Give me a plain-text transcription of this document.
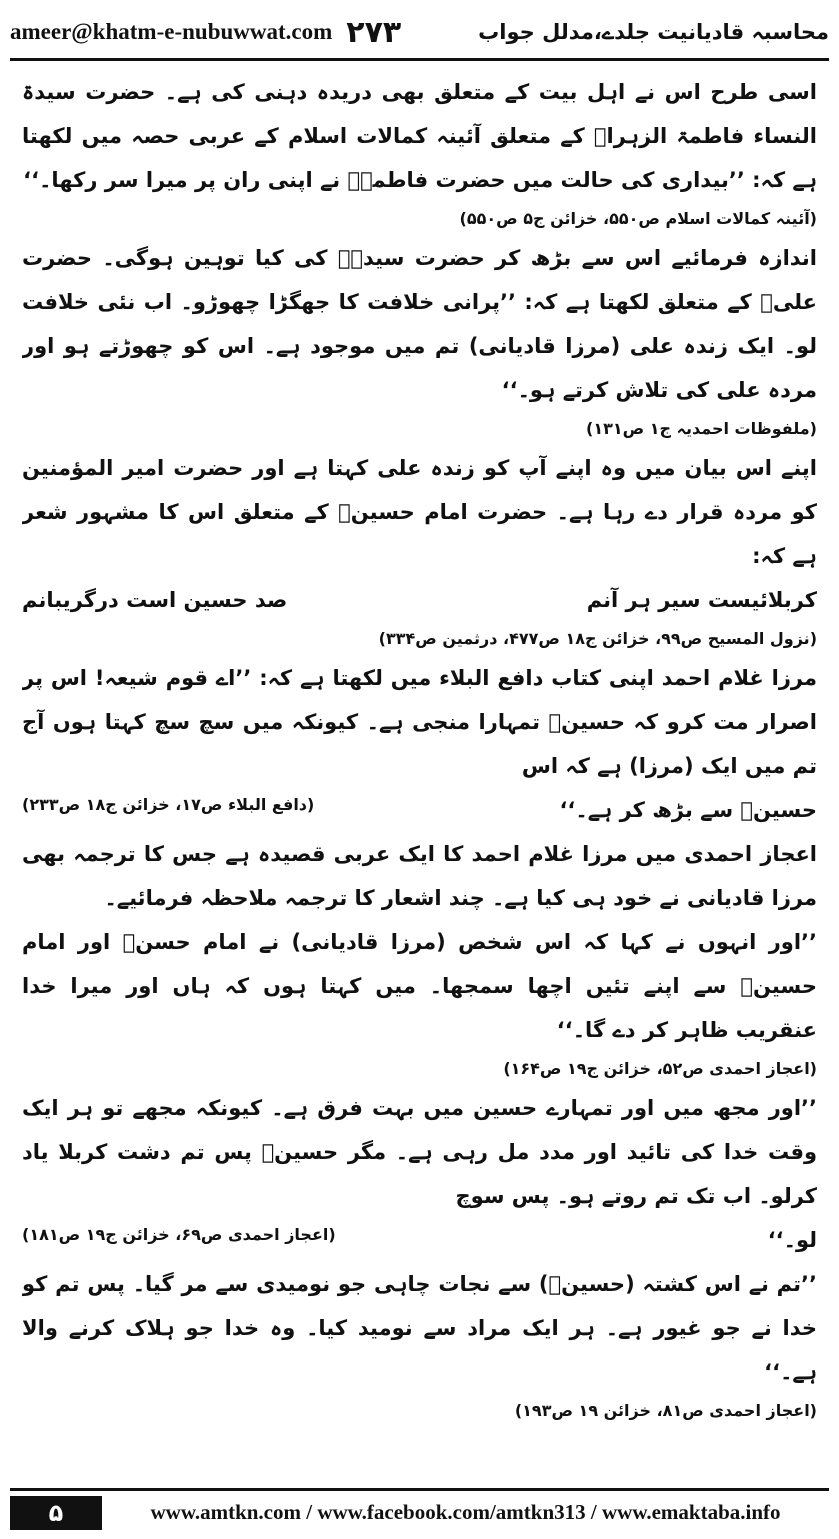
ameer@khatm-e-nubuwwat.com ۲۷۳	محاسبہ قادیانیت جلدے،مدلل جواب

اسی طرح اس نے اہل بیت کے متعلق بھی دریدہ دہنی کی ہے۔ حضرت سیدۃ النساء فاطمۃ الزہراؓ کے متعلق آئینہ کمالات اسلام کے عربی حصہ میں لکھتا ہے کہ: ’’بیداری کی حالت میں حضرت فاطمہؓ نے اپنی ران پر میرا سر رکھا۔‘‘

(آئینہ کمالات اسلام ص۵۵۰، خزائن ج۵ ص۵۵۰)

اندازہ فرمائیے اس سے بڑھ کر حضرت سیدۃؓ کی کیا توہین ہوگی۔ حضرت علیؓ کے متعلق لکھتا ہے کہ: ’’پرانی خلافت کا جھگڑا چھوڑو۔ اب نئی خلافت لو۔ ایک زندہ علی (مرزا قادیانی) تم میں موجود ہے۔ اس کو چھوڑتے ہو اور مردہ علی کی تلاش کرتے ہو۔‘‘

(ملفوظات احمدیہ ج۱ ص۱۳۱)

اپنے اس بیان میں وہ اپنے آپ کو زندہ علی کہتا ہے اور حضرت امیر المؤمنین کو مردہ قرار دے رہا ہے۔ حضرت امام حسینؓ کے متعلق اس کا مشہور شعر ہے کہ:

کربلائیست سیر ہر آنم
صد حسین است درگریبانم

(نزول المسیح ص۹۹، خزائن ج۱۸ ص۴۷۷، درثمین ص۳۳۴)

مرزا غلام احمد اپنی کتاب دافع البلاء میں لکھتا ہے کہ: ’’اے قوم شیعہ! اس پر اصرار مت کرو کہ حسینؓ تمہارا منجی ہے۔ کیونکہ میں سچ سچ کہتا ہوں آج تم میں ایک (مرزا) ہے کہ اس

حسینؓ سے بڑھ کر ہے۔‘‘
(دافع البلاء ص۱۷، خزائن ج۱۸ ص۲۳۳)

اعجاز احمدی میں مرزا غلام احمد کا ایک عربی قصیدہ ہے جس کا ترجمہ بھی مرزا قادیانی نے خود ہی کیا ہے۔ چند اشعار کا ترجمہ ملاحظہ فرمائیے۔

’’اور انہوں نے کہا کہ اس شخص (مرزا قادیانی) نے امام حسنؓ اور امام حسینؓ سے اپنے تئیں اچھا سمجھا۔ میں کہتا ہوں کہ ہاں اور میرا خدا عنقریب ظاہر کر دے گا۔‘‘

(اعجاز احمدی ص۵۲، خزائن ج۱۹ ص۱۶۴)

’’اور مجھ میں اور تمہارے حسین میں بہت فرق ہے۔ کیونکہ مجھے تو ہر ایک وقت خدا کی تائید اور مدد مل رہی ہے۔ مگر حسینؓ پس تم دشت کربلا یاد کرلو۔ اب تک تم روتے ہو۔ پس سوچ

لو۔‘‘
(اعجاز احمدی ص۶۹، خزائن ج۱۹ ص۱۸۱)

’’تم نے اس کشتہ (حسینؓ) سے نجات چاہی جو نومیدی سے مر گیا۔ پس تم کو خدا نے جو غیور ہے۔ ہر ایک مراد سے نومید کیا۔ وہ خدا جو ہلاک کرنے والا ہے۔‘‘

(اعجاز احمدی ص۸۱، خزائن ۱۹ ص۱۹۳)

۵	www.amtkn.com / www.facebook.com/amtkn313 / www.emaktaba.info
